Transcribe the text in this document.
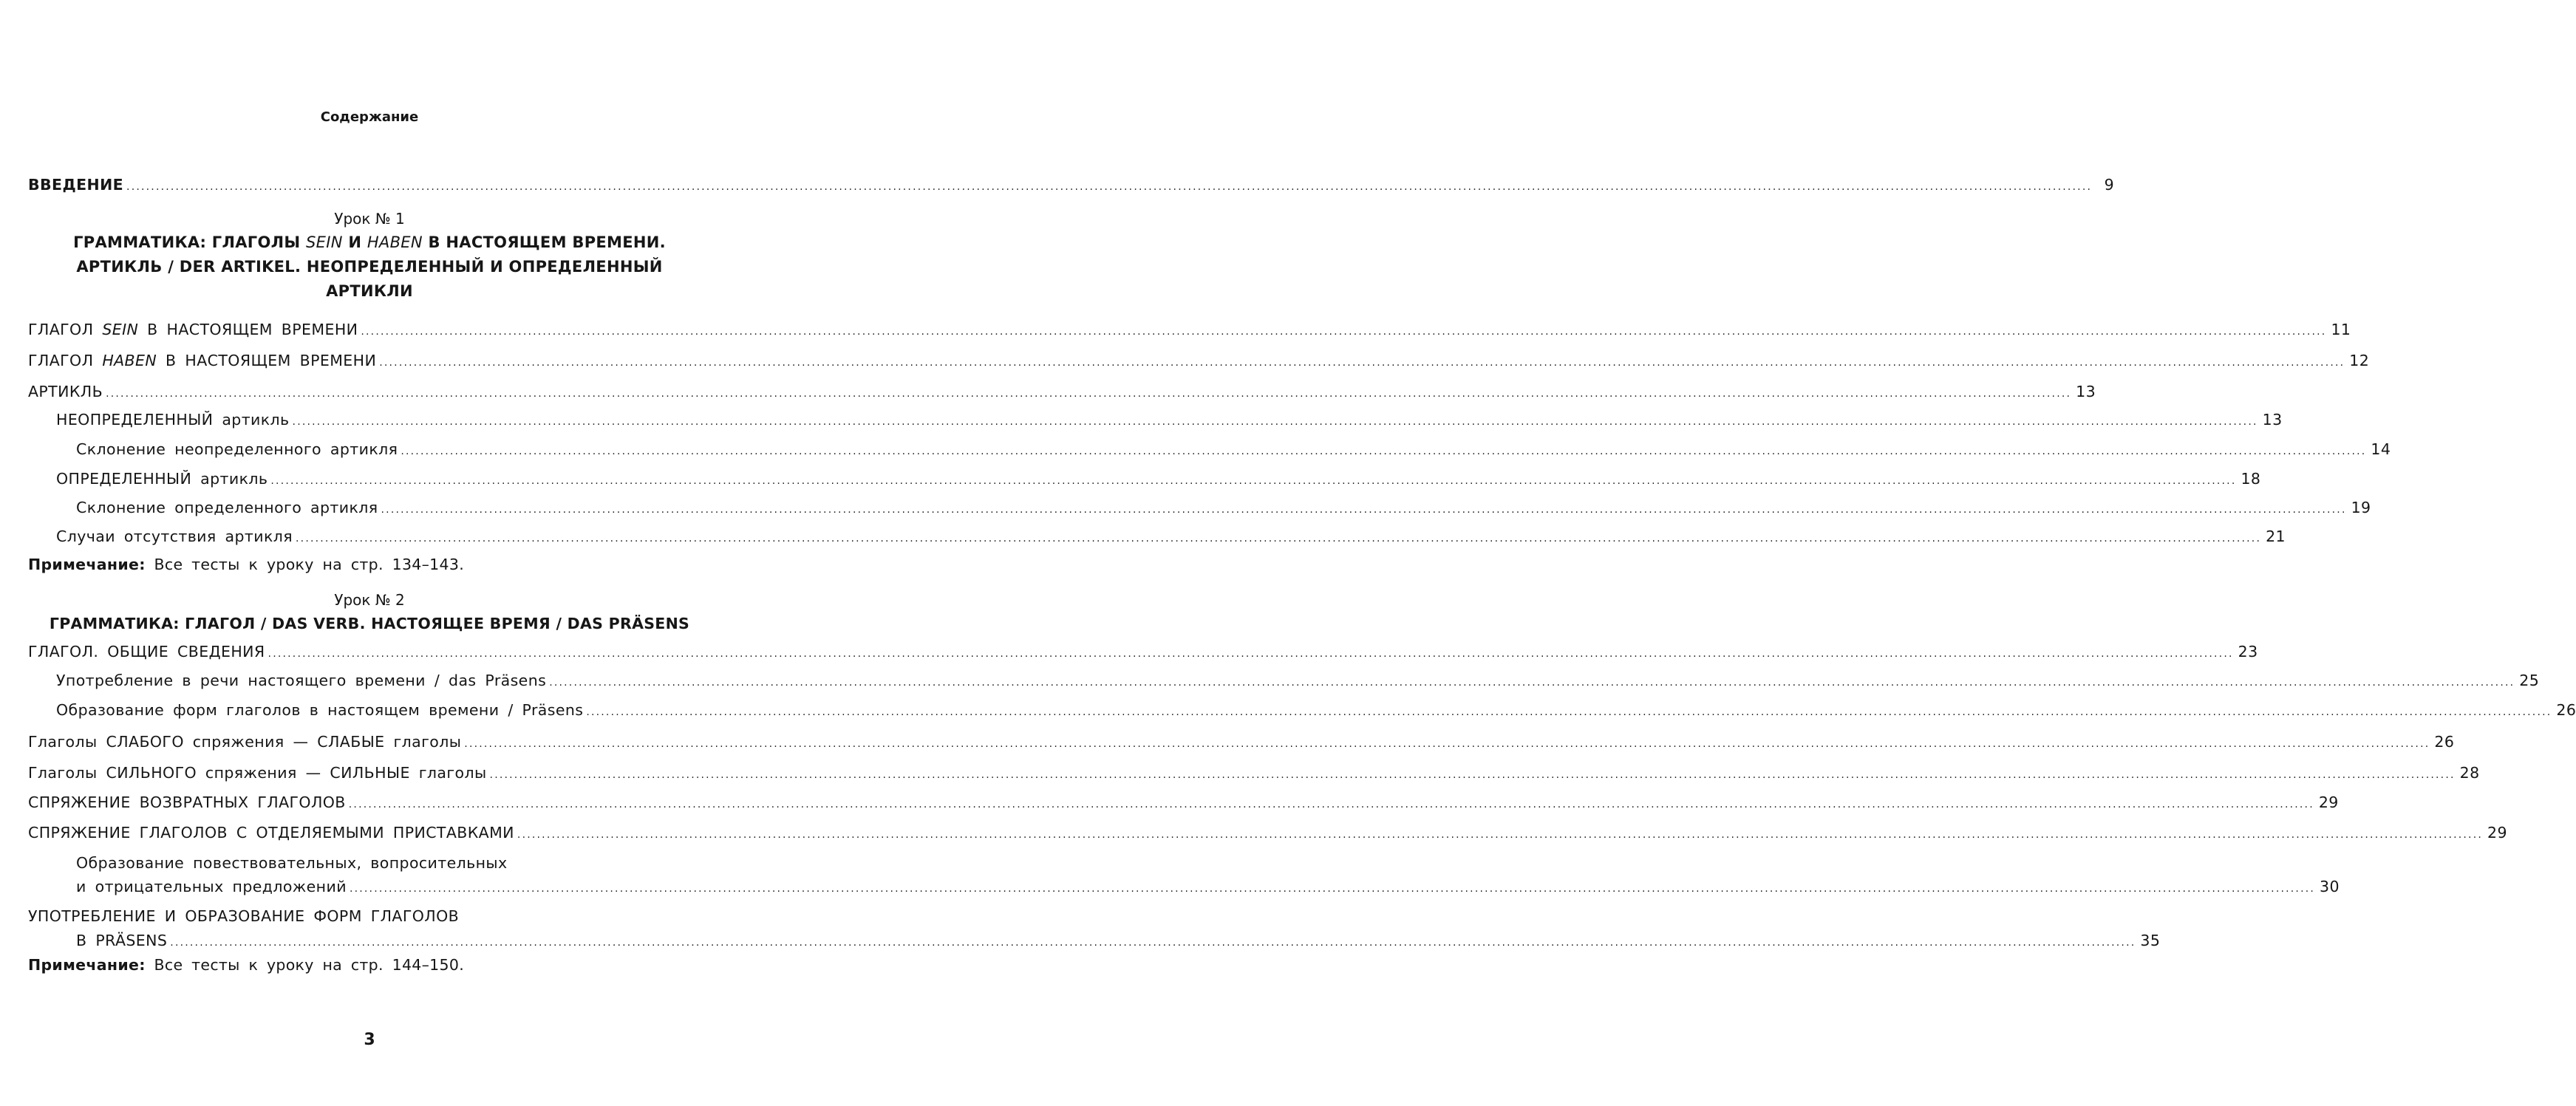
Содержание
ВВЕДЕНИЕ ................................................................................................................................................................................................................................................................................................................................................................................................................ 9
Урок № 1
ГРАММАТИКА: ГЛАГОЛЫ SEIN И HABEN В НАСТОЯЩЕМ ВРЕМЕНИ.
АРТИКЛЬ / DER ARTIKEL. НЕОПРЕДЕЛЕННЫЙ И ОПРЕДЕЛЕННЫЙ
АРТИКЛИ
ГЛАГОЛ SEIN В НАСТОЯЩЕМ ВРЕМЕНИ ................................................................................................................................................................................................................................................................................................................................................................................................................ 11
ГЛАГОЛ HABEN В НАСТОЯЩЕМ ВРЕМЕНИ ................................................................................................................................................................................................................................................................................................................................................................................................................ 12
АРТИКЛЬ ................................................................................................................................................................................................................................................................................................................................................................................................................ 13
НЕОПРЕДЕЛЕННЫЙ артикль ................................................................................................................................................................................................................................................................................................................................................................................................................ 13
Склонение неопределенного артикля ................................................................................................................................................................................................................................................................................................................................................................................................................ 14
ОПРЕДЕЛЕННЫЙ артикль ................................................................................................................................................................................................................................................................................................................................................................................................................ 18
Склонение определенного артикля ................................................................................................................................................................................................................................................................................................................................................................................................................ 19
Случаи отсутствия артикля ................................................................................................................................................................................................................................................................................................................................................................................................................ 21
Примечание: Все тесты к уроку на стр. 134–143.
Урок № 2
ГРАММАТИКА: ГЛАГОЛ / DAS VERB. НАСТОЯЩЕЕ ВРЕМЯ / DAS PRÄSENS
ГЛАГОЛ. ОБЩИЕ СВЕДЕНИЯ ................................................................................................................................................................................................................................................................................................................................................................................................................ 23
Употребление в речи настоящего времени / das Präsens ................................................................................................................................................................................................................................................................................................................................................................................................................ 25
Образование форм глаголов в настоящем времени / Präsens ................................................................................................................................................................................................................................................................................................................................................................................................................ 26
Глаголы СЛАБОГО спряжения — СЛАБЫЕ глаголы ................................................................................................................................................................................................................................................................................................................................................................................................................ 26
Глаголы СИЛЬНОГО спряжения — СИЛЬНЫЕ глаголы ................................................................................................................................................................................................................................................................................................................................................................................................................ 28
СПРЯЖЕНИЕ ВОЗВРАТНЫХ ГЛАГОЛОВ ................................................................................................................................................................................................................................................................................................................................................................................................................ 29
СПРЯЖЕНИЕ ГЛАГОЛОВ С ОТДЕЛЯЕМЫМИ ПРИСТАВКАМИ ................................................................................................................................................................................................................................................................................................................................................................................................................ 29
Образование повествовательных, вопросительных
и отрицательных предложений ................................................................................................................................................................................................................................................................................................................................................................................................................ 30
УПОТРЕБЛЕНИЕ И ОБРАЗОВАНИЕ ФОРМ ГЛАГОЛОВ
В PRÄSENS ................................................................................................................................................................................................................................................................................................................................................................................................................ 35
Примечание: Все тесты к уроку на стр. 144–150.
3
